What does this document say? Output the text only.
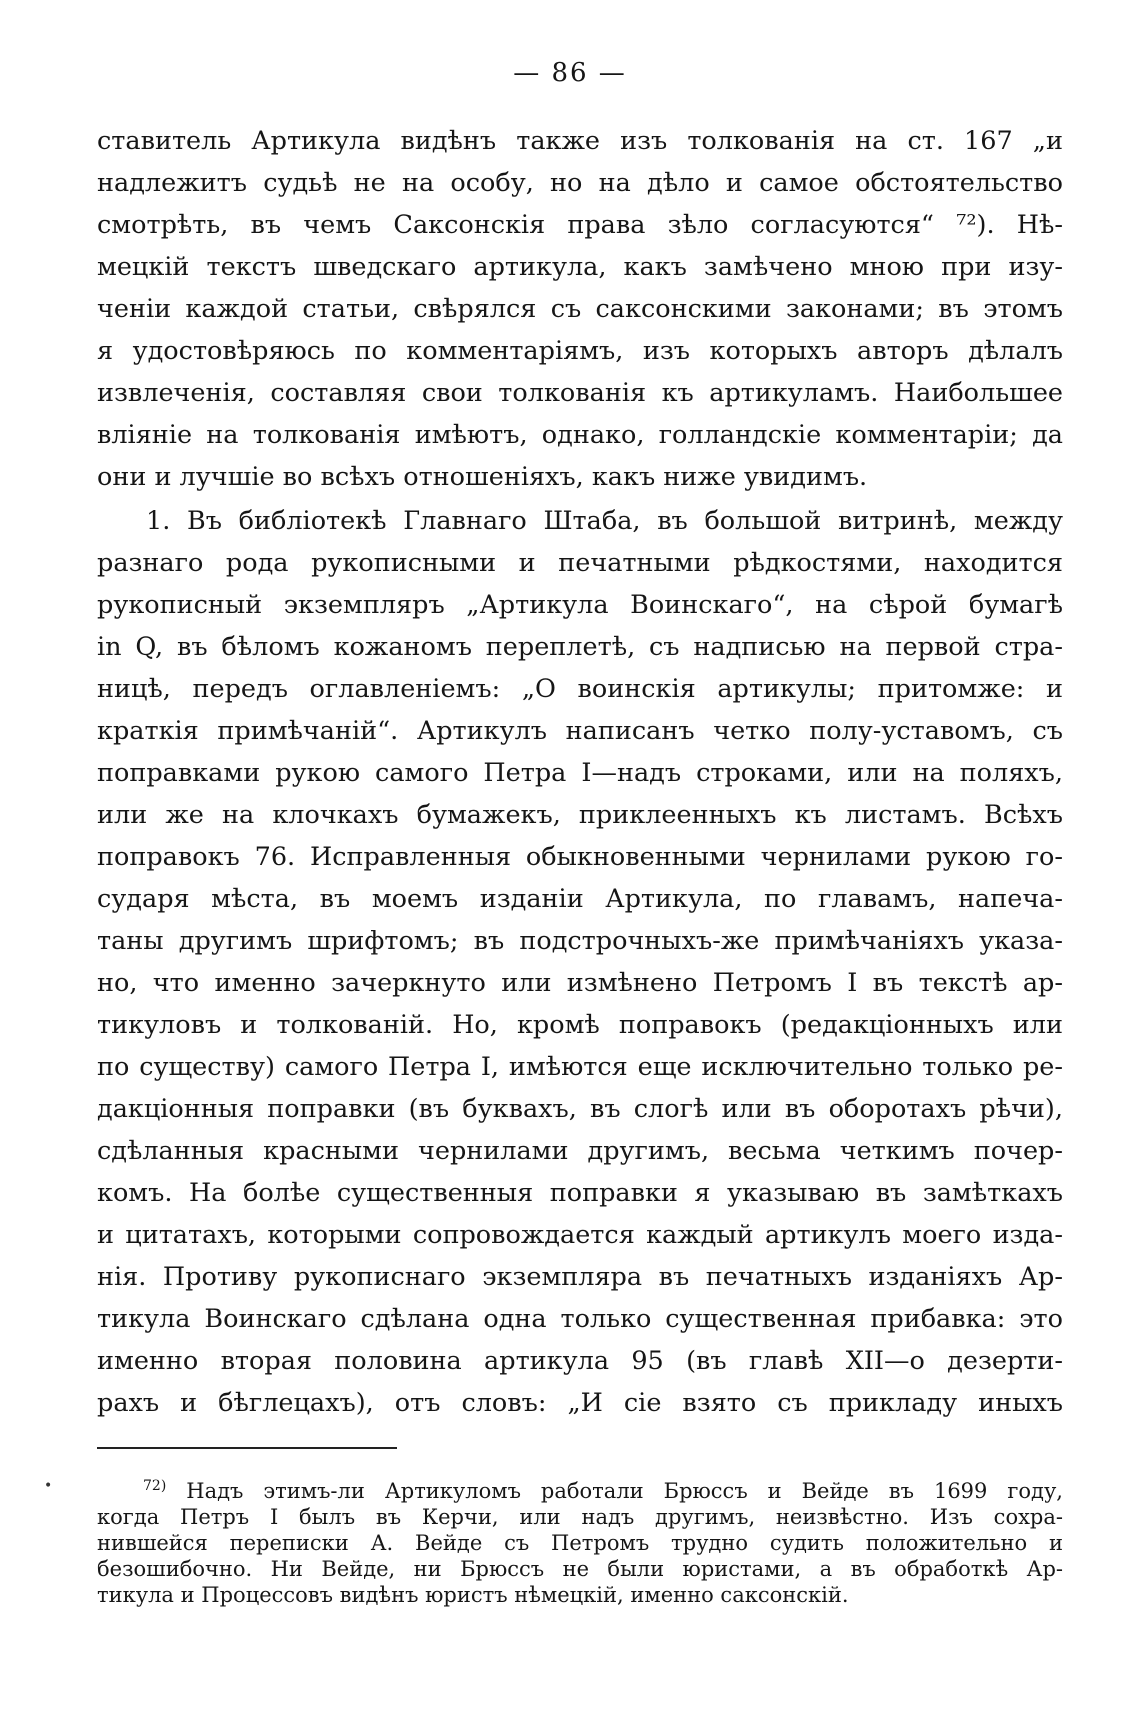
— 86 —
ставитель Артикула видѣнъ также изъ толкованія на ст. 167 „и
надлежитъ судьѣ не на особу, но на дѣло и самое обстоятельство
смотрѣть, въ чемъ Саксонскія права зѣло согласуются“ ⁷²). Нѣ-
мецкій текстъ шведскаго артикула, какъ замѣчено мною при изу-
ченіи каждой статьи, свѣрялся съ саксонскими законами; въ этомъ
я удостовѣряюсь по комментаріямъ, изъ которыхъ авторъ дѣлалъ
извлеченія, составляя свои толкованія къ артикуламъ. Наибольшее
вліяніе на толкованія имѣютъ, однако, голландскіе комментаріи; да
они и лучшіе во всѣхъ отношеніяхъ, какъ ниже увидимъ.
1. Въ библіотекѣ Главнаго Штаба, въ большой витринѣ, между
разнаго рода рукописными и печатными рѣдкостями, находится
рукописный экземпляръ „Артикула Воинскаго“, на сѣрой бумагѣ
in Q, въ бѣломъ кожаномъ переплетѣ, съ надписью на первой стра-
ницѣ, передъ оглавленіемъ: „О воинскія артикулы; притомже: и
краткія примѣчаній“. Артикулъ написанъ четко полу-уставомъ, съ
поправками рукою самого Петра I—надъ строками, или на поляхъ,
или же на клочкахъ бумажекъ, приклеенныхъ къ листамъ. Всѣхъ
поправокъ 76. Исправленныя обыкновенными чернилами рукою го-
сударя мѣста, въ моемъ изданіи Артикула, по главамъ, напеча-
таны другимъ шрифтомъ; въ подстрочныхъ-же примѣчаніяхъ указа-
но, что именно зачеркнуто или измѣнено Петромъ I въ текстѣ ар-
тикуловъ и толкованій. Но, кромѣ поправокъ (редакціонныхъ или
по существу) самого Петра I, имѣются еще исключительно только ре-
дакціонныя поправки (въ буквахъ, въ слогѣ или въ оборотахъ рѣчи),
сдѣланныя красными чернилами другимъ, весьма четкимъ почер-
комъ. На болѣе существенныя поправки я указываю въ замѣткахъ
и цитатахъ, которыми сопровождается каждый артикулъ моего изда-
нія. Противу рукописнаго экземпляра въ печатныхъ изданіяхъ Ар-
тикула Воинскаго сдѣлана одна только существенная прибавка: это
именно вторая половина артикула 95 (въ главѣ XII—о дезерти-
рахъ и бѣглецахъ), отъ словъ: „И сіе взято съ прикладу иныхъ
$^{72)}$ Надъ этимъ-ли Артикуломъ работали Брюссъ и Вейде въ 1699 году,
когда Петръ I былъ въ Керчи, или надъ другимъ, неизвѣстно. Изъ сохра-
нившейся переписки А. Вейде съ Петромъ трудно судить положительно и
безошибочно. Ни Вейде, ни Брюссъ не были юристами, а въ обработкѣ Ар-
тикула и Процессовъ видѣнъ юристъ нѣмецкій, именно саксонскій.
•
